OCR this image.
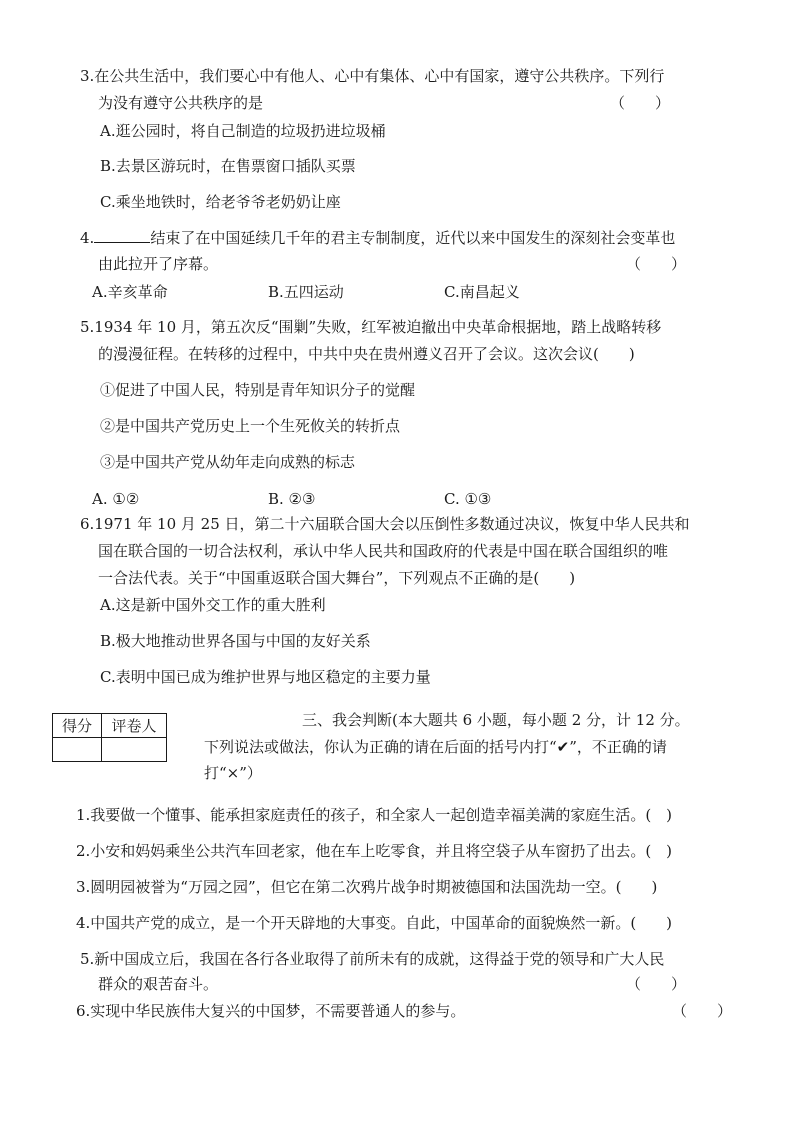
3.在公共生活中，我们要心中有他人、心中有集体、心中有国家，遵守公共秩序。下列行
为没有遵守公共秩序的是	（　　）
A.逛公园时，将自己制造的垃圾扔进垃圾桶
B.去景区游玩时，在售票窗口插队买票
C.乘坐地铁时，给老爷爷老奶奶让座
4.	结束了在中国延续几千年的君主专制制度，近代以来中国发生的深刻社会变革也
由此拉开了序幕。	（　　）
A.辛亥革命	B.五四运动	C.南昌起义
5.1934 年 10 月，第五次反“围剿”失败，红军被迫撤出中央革命根据地，踏上战略转移
的漫漫征程。在转移的过程中，中共中央在贵州遵义召开了会议。这次会议(　　)
①促进了中国人民，特别是青年知识分子的觉醒
②是中国共产党历史上一个生死攸关的转折点
③是中国共产党从幼年走向成熟的标志
A. ①②	B. ②③	C. ①③
6.1971 年 10 月 25 日，第二十六届联合国大会以压倒性多数通过决议，恢复中华人民共和
国在联合国的一切合法权利，承认中华人民共和国政府的代表是中国在联合国组织的唯
一合法代表。关于“中国重返联合国大舞台”，下列观点不正确的是(　　)
A.这是新中国外交工作的重大胜利
B.极大地推动世界各国与中国的友好关系
C.表明中国已成为维护世界与地区稳定的主要力量
得分	评卷人
		三、我会判断(本大题共 6 小题，每小题 2 分，计 12 分。
下列说法或做法，你认为正确的请在后面的括号内打“✔”，不正确的请
打“×”）
1.我要做一个懂事、能承担家庭责任的孩子，和全家人一起创造幸福美满的家庭生活。(　)
2.小安和妈妈乘坐公共汽车回老家，他在车上吃零食，并且将空袋子从车窗扔了出去。(　)
3.圆明园被誉为“万园之园”，但它在第二次鸦片战争时期被德国和法国洗劫一空。(　　)
4.中国共产党的成立，是一个开天辟地的大事变。自此，中国革命的面貌焕然一新。(　　)
5.新中国成立后，我国在各行各业取得了前所未有的成就，这得益于党的领导和广大人民
群众的艰苦奋斗。	（　　）
6.实现中华民族伟大复兴的中国梦，不需要普通人的参与。	（　　）
